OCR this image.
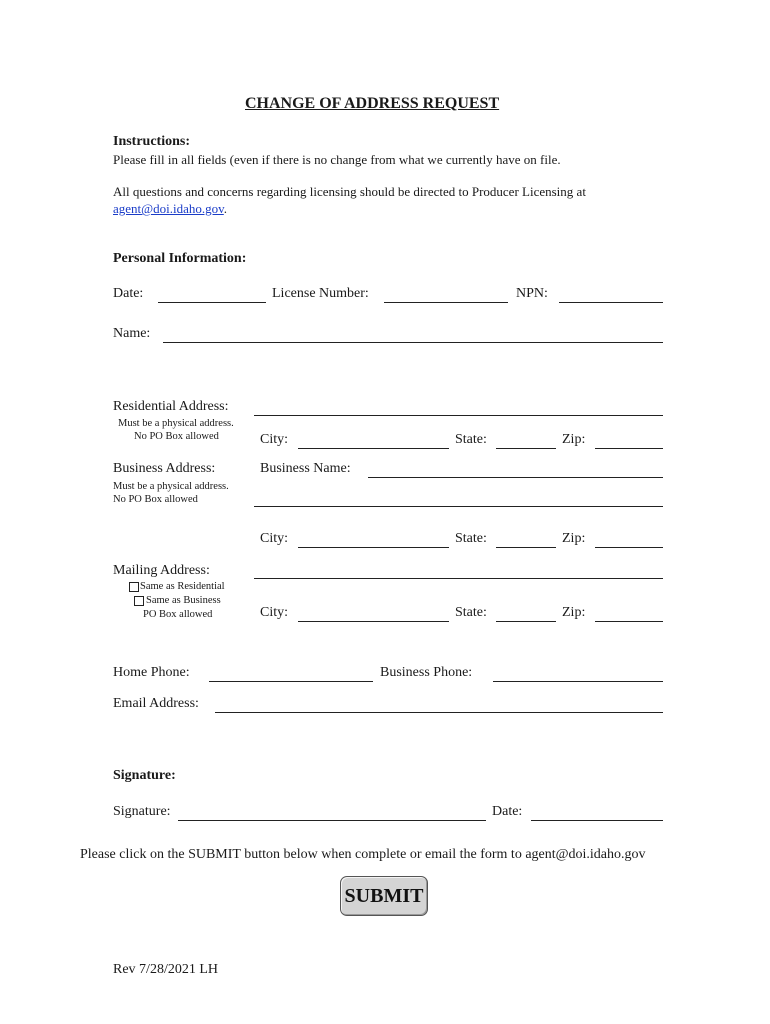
CHANGE OF ADDRESS REQUEST
Instructions:
Please fill in all fields (even if there is no change from what we currently have on file.
All questions and concerns regarding licensing should be directed to Producer Licensing at
agent@doi.idaho.gov.
Personal Information:
Date:	License Number:	NPN:
Name:
Residential Address:
Must be a physical address.
No PO Box allowed	City:	State:	Zip:
Business Address:	Business Name:
Must be a physical address.
No PO Box allowed
City:	State:	Zip:
Mailing Address:
Same as Residential
Same as Business
PO Box allowed	City:	State:	Zip:
Home Phone:	Business Phone:
Email Address:
Signature:
Signature:	Date:
Please click on the SUBMIT button below when complete or email the form to agent@doi.idaho.gov
SUBMIT
Rev 7/28/2021 LH
